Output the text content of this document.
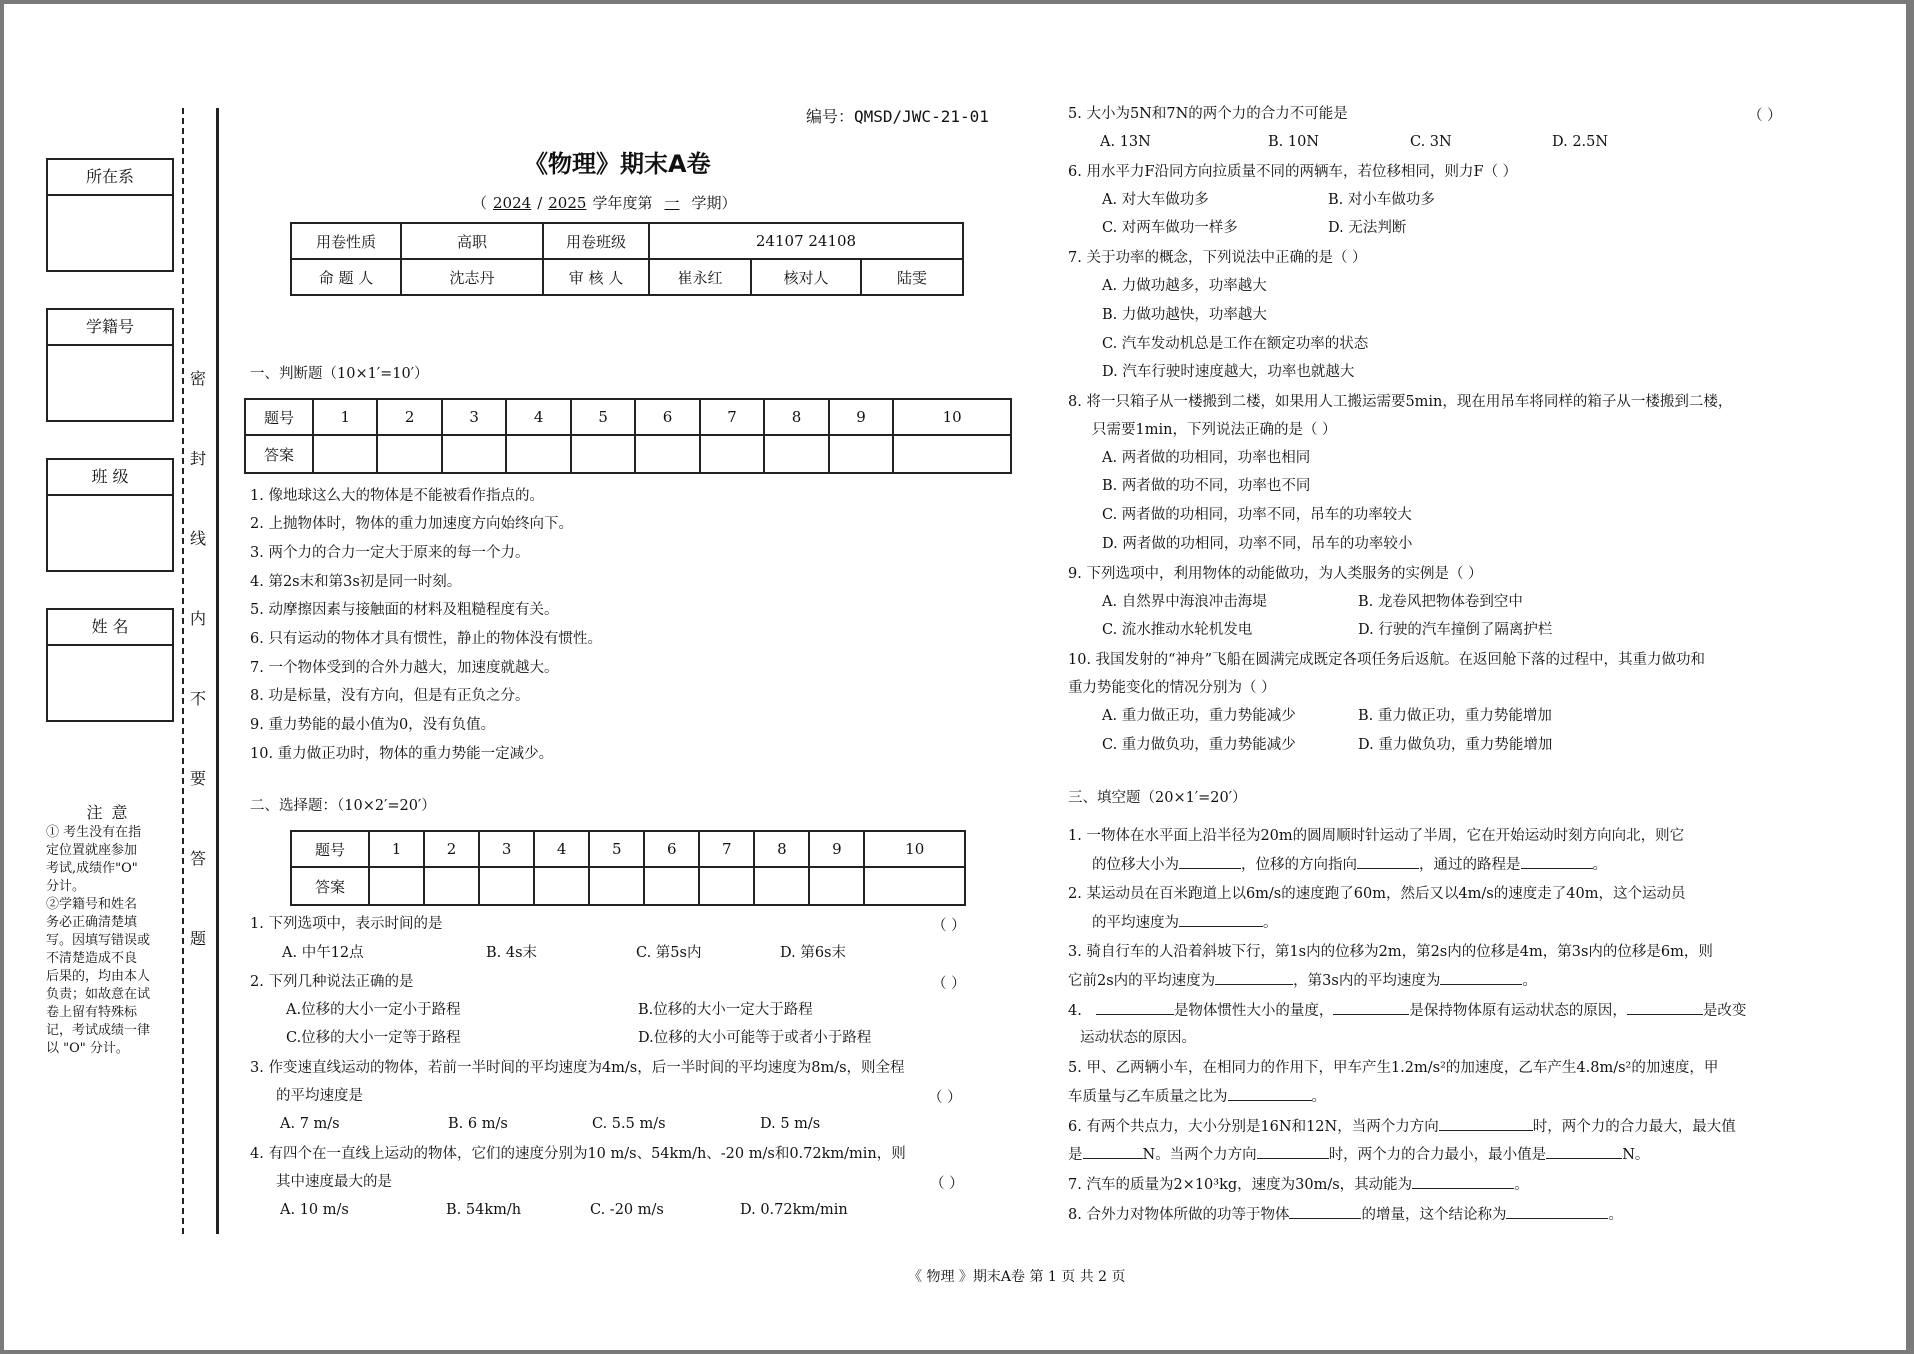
所在系
学籍号
班 级
姓 名
注 意
① 考生没有在指
定位置就座参加
考试,成绩作"O"
分计。
②学籍号和姓名
务必正确清楚填
写。因填写错误或
不清楚造成不良
后果的，均由本人
负责；如故意在试
卷上留有特殊标
记，考试成绩一律
以 "O" 分计。
密
封
线
内
不
要
答
题
编号：QMSD/JWC-21-01
《物理》期末A卷
（ 2024 / 2025 学年度第 一 学期）
用卷性质	高职	用卷班级	24107 24108		
命 题 人	沈志丹	审 核 人	崔永红	核对人	陆雯
一、判断题（10×1′=10′）
题号	1	2	3	4	5	6	7	8	9	10
答案										
1. 像地球这么大的物体是不能被看作指点的。
2. 上抛物体时，物体的重力加速度方向始终向下。
3. 两个力的合力一定大于原来的每一个力。
4. 第2s末和第3s初是同一时刻。
5. 动摩擦因素与接触面的材料及粗糙程度有关。
6. 只有运动的物体才具有惯性，静止的物体没有惯性。
7. 一个物体受到的合外力越大，加速度就越大。
8. 功是标量，没有方向，但是有正负之分。
9. 重力势能的最小值为0，没有负值。
10. 重力做正功时，物体的重力势能一定减少。
二、选择题：（10×2′=20′）
题号	1	2	3	4	5	6	7	8	9	10
答案										
1. 下列选项中，表示时间的是	（ ）
A. 中午12点	B. 4s末	C. 第5s内	D. 第6s末
2. 下列几种说法正确的是	（ ）
A.位移的大小一定小于路程	B.位移的大小一定大于路程
C.位移的大小一定等于路程	D.位移的大小可能等于或者小于路程
3. 作变速直线运动的物体，若前一半时间的平均速度为4m/s，后一半时间的平均速度为8m/s，则全程
的平均速度是	（ ）
A. 7 m/s	B. 6 m/s	C. 5.5 m/s	D. 5 m/s
4. 有四个在一直线上运动的物体，它们的速度分别为10 m/s、54km/h、-20 m/s和0.72km/min，则
其中速度最大的是	（ ）
A. 10 m/s	B. 54km/h	C. -20 m/s	D. 0.72km/min
5. 大小为5N和7N的两个力的合力不可能是	（ ）
A. 13N	B. 10N	C. 3N	D. 2.5N
6. 用水平力F沿同方向拉质量不同的两辆车，若位移相同，则力F（ ）
A. 对大车做功多	B. 对小车做功多
C. 对两车做功一样多	D. 无法判断
7. 关于功率的概念，下列说法中正确的是（ ）
A. 力做功越多，功率越大
B. 力做功越快，功率越大
C. 汽车发动机总是工作在额定功率的状态
D. 汽车行驶时速度越大，功率也就越大
8. 将一只箱子从一楼搬到二楼，如果用人工搬运需要5min，现在用吊车将同样的箱子从一楼搬到二楼，
只需要1min，下列说法正确的是（ ）
A. 两者做的功相同，功率也相同
B. 两者做的功不同，功率也不同
C. 两者做的功相同，功率不同，吊车的功率较大
D. 两者做的功相同，功率不同，吊车的功率较小
9. 下列选项中，利用物体的动能做功，为人类服务的实例是（ ）
A. 自然界中海浪冲击海堤	B. 龙卷风把物体卷到空中
C. 流水推动水轮机发电	D. 行驶的汽车撞倒了隔离护栏
10. 我国发射的“神舟”飞船在圆满完成既定各项任务后返航。在返回舱下落的过程中，其重力做功和
重力势能变化的情况分别为（ ）
A. 重力做正功，重力势能减少	B. 重力做正功，重力势能增加
C. 重力做负功，重力势能减少	D. 重力做负功，重力势能增加
三、填空题（20×1′=20′）
1. 一物体在水平面上沿半径为20m的圆周顺时针运动了半周，它在开始运动时刻方向向北，则它
的位移大小为	，位移的方向指向	，通过的路程是	。
2. 某运动员在百米跑道上以6m/s的速度跑了60m，然后又以4m/s的速度走了40m，这个运动员
的平均速度为	。
3. 骑自行车的人沿着斜坡下行，第1s内的位移为2m，第2s内的位移是4m，第3s内的位移是6m，则
它前2s内的平均速度为	，第3s内的平均速度为	。
4.	是物体惯性大小的量度，	是保持物体原有运动状态的原因，	是改变
运动状态的原因。
5. 甲、乙两辆小车，在相同力的作用下，甲车产生1.2m/s²的加速度，乙车产生4.8m/s²的加速度，甲
车质量与乙车质量之比为	。
6. 有两个共点力，大小分别是16N和12N，当两个力方向	时，两个力的合力最大，最大值
是	N。当两个力方向	时，两个力的合力最小，最小值是	N。
7. 汽车的质量为2×10³kg，速度为30m/s，其动能为	。
8. 合外力对物体所做的功等于物体	的增量，这个结论称为	。
《 物理 》期末A卷 第 1 页 共 2 页
